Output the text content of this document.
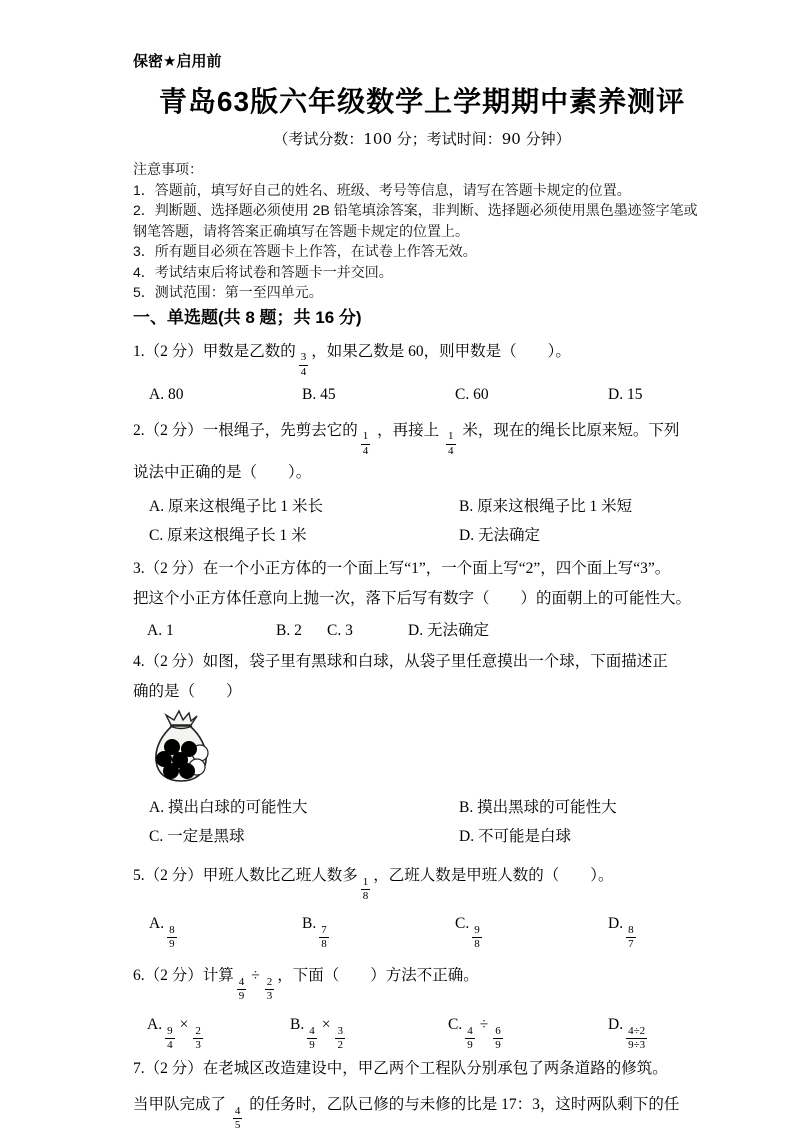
保密★启用前
青岛63版六年级数学上学期期中素养测评
（考试分数：100 分；考试时间：90 分钟）
注意事项：
1．答题前，填写好自己的姓名、班级、考号等信息，请写在答题卡规定的位置。
2．判断题、选择题必须使用 2B 铅笔填涂答案，非判断、选择题必须使用黑色墨迹签字笔或
钢笔答题，请将答案正确填写在答题卡规定的位置上。
3．所有题目必须在答题卡上作答，在试卷上作答无效。
4．考试结束后将试卷和答题卡一并交回。
5．测试范围：第一至四单元。
一、单选题(共 8 题；共 16 分)
1.（2 分）甲数是乙数的
$\frac{3}{4}$
，如果乙数是 60，则甲数是（　　）。
A. 80	B. 45	C. 60	D. 15
2.（2 分）一根绳子，先剪去它的
$\frac{1}{4}$
，再接上
$\frac{1}{4}$
米，现在的绳长比原来短。下列
说法中正确的是（　　）。
A. 原来这根绳子比 1 米长	B. 原来这根绳子比 1 米短
C. 原来这根绳子长 1 米	D. 无法确定
3.（2 分）在一个小正方体的一个面上写“1”，一个面上写“2”，四个面上写“3”。
把这个小正方体任意向上抛一次，落下后写有数字（　　）的面朝上的可能性大。
A. 1	B. 2	C. 3	D. 无法确定
4.（2 分）如图，袋子里有黑球和白球，从袋子里任意摸出一个球，下面描述正
确的是（　　）
A. 摸出白球的可能性大	B. 摸出黑球的可能性大
C. 一定是黑球	D. 不可能是白球
5.（2 分）甲班人数比乙班人数多
$\frac{1}{8}$
，乙班人数是甲班人数的（　　）。
A.
$\frac{8}{9}$
B.
$\frac{7}{8}$
C.
$\frac{9}{8}$
D.
$\frac{8}{7}$
6.（2 分）计算
$\frac{4}{9}$
÷
$\frac{2}{3}$
，下面（　　）方法不正确。
A.
$\frac{9}{4}$
×
$\frac{2}{3}$
B.
$\frac{4}{9}$
×
$\frac{3}{2}$
C.
$\frac{4}{9}$
÷
$\frac{6}{9}$
D.
$\frac{4\div 2}{9\div 3}$
7.（2 分）在老城区改造建设中，甲乙两个工程队分别承包了两条道路的修筑。
当甲队完成了
$\frac{4}{5}$
的任务时，乙队已修的与未修的比是 17：3，这时两队剩下的任
